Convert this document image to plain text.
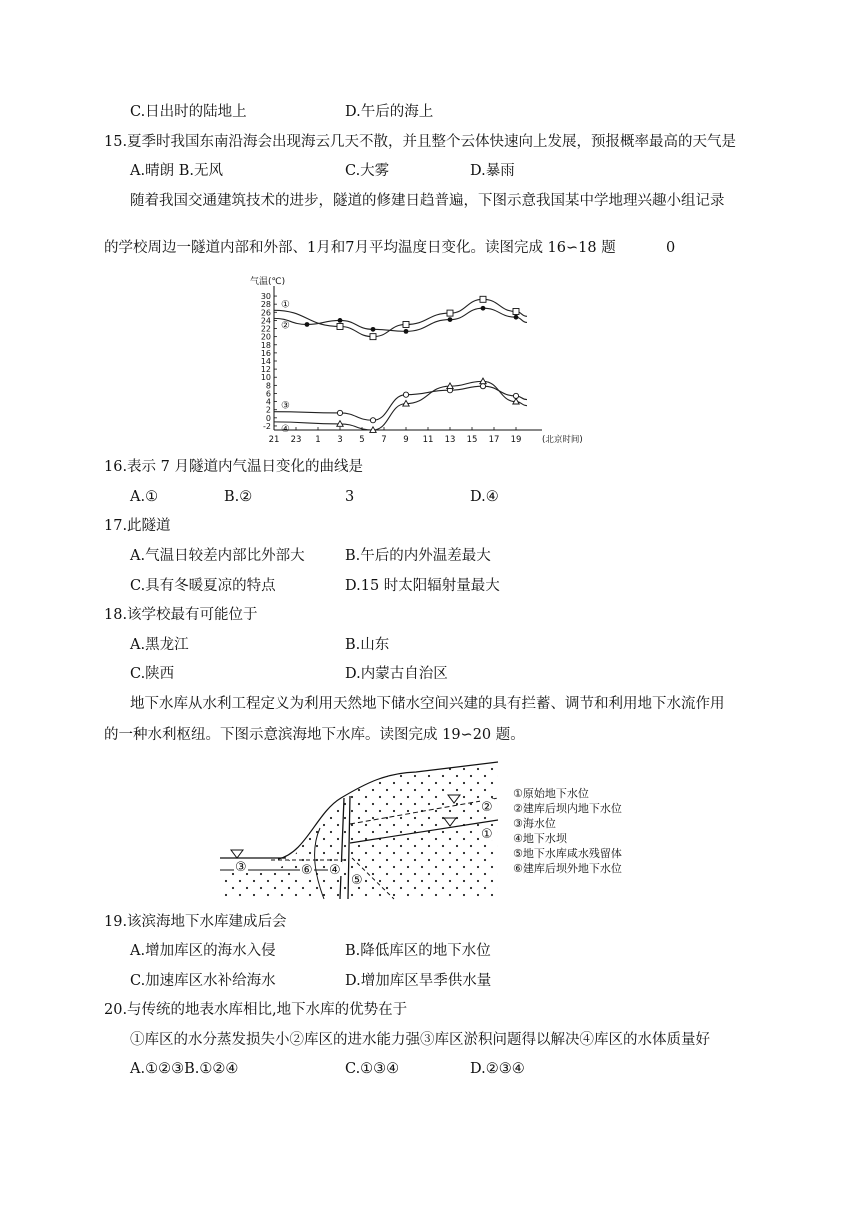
C.日出时的陆地上	D.午后的海上
15.夏季时我国东南沿海会出现海云几天不散，并且整个云体快速向上发展，预报概率最高的天气是
A.晴朗 B.无风	C.大雾	D.暴雨
随着我国交通建筑技术的进步，隧道的修建日趋普遍，下图示意我国某中学地理兴趣小组记录
的学校周边一隧道内部和外部、1月和7月平均温度日变化。读图完成 16∽18 题	0
气温(℃)
30
28
26
24
22
20
18
16
14
12
10
8
6
4
2
0
-2
21 23 1 3 5 7 9 11 13 15 17 19 (北京时间)
①
②
③
④
16.表示 7 月隧道内气温日变化的曲线是
A.①	B.②	3	D.④
17.此隧道
A.气温日较差内部比外部大	B.午后的内外温差最大
C.具有冬暖夏凉的特点	D.15 时太阳辐射量最大
18.该学校最有可能位于
A.黑龙江	B.山东
C.陕西	D.内蒙古自治区
地下水库从水利工程定义为利用天然地下储水空间兴建的具有拦蓄、调节和利用地下水流作用
的一种水利枢纽。下图示意滨海地下水库。读图完成 19∽20 题。
③	⑥ ④
⑤
②
①
①原始地下水位
②建库后坝内地下水位
③海水位
④地下水坝
⑤地下水库咸水残留体
⑥建库后坝外地下水位
19.该滨海地下水库建成后会
A.增加库区的海水入侵	B.降低库区的地下水位
C.加速库区水补给海水	D.增加库区旱季供水量
20.与传统的地表水库相比,地下水库的优势在于
①库区的水分蒸发损失小②库区的进水能力强③库区淤积问题得以解决④库区的水体质量好
A.①②③B.①②④	C.①③④	D.②③④
